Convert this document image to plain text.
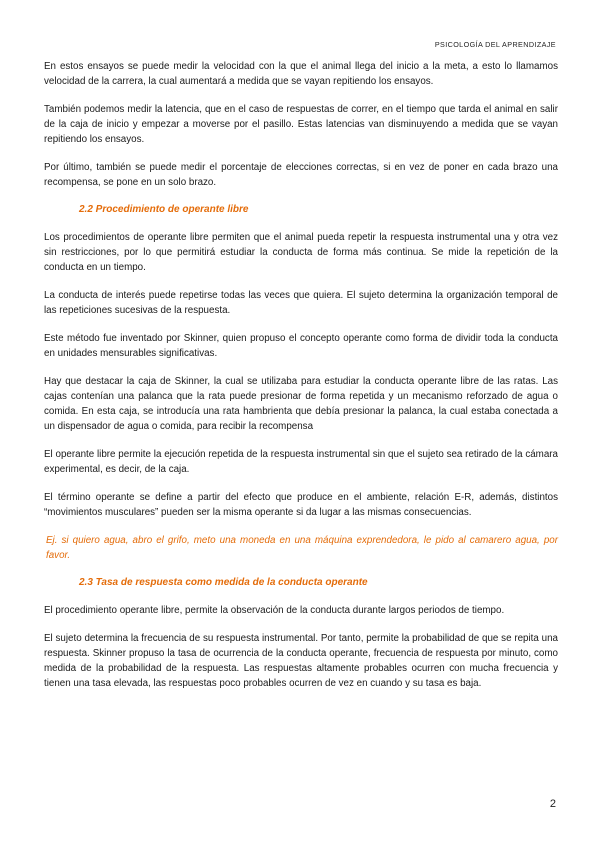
PSICOLOGÍA DEL APRENDIZAJE

En estos ensayos se puede medir la velocidad con la que el animal llega del inicio a la meta, a esto lo llamamos velocidad de la carrera, la cual aumentará a medida que se vayan repitiendo los ensayos.

También podemos medir la latencia, que en el caso de respuestas de correr, en el tiempo que tarda el animal en salir de la caja de inicio y empezar a moverse por el pasillo. Estas latencias van disminuyendo a medida que se vayan repitiendo los ensayos.

Por último, también se puede medir el porcentaje de elecciones correctas, si en vez de poner en cada brazo una recompensa, se pone en un solo brazo.

2.2 Procedimiento de operante libre

Los procedimientos de operante libre permiten que el animal pueda repetir la respuesta instrumental una y otra vez sin restricciones, por lo que permitirá estudiar la conducta de forma más continua. Se mide la repetición de la conducta en un tiempo.

La conducta de interés puede repetirse todas las veces que quiera. El sujeto determina la organización temporal de las repeticiones sucesivas de la respuesta.

Este método fue inventado por Skinner, quien propuso el concepto operante como forma de dividir toda la conducta en unidades mensurables significativas.

Hay que destacar la caja de Skinner, la cual se utilizaba para estudiar la conducta operante libre de las ratas. Las cajas contenían una palanca que la rata puede presionar de forma repetida y un mecanismo reforzado de agua o comida. En esta caja, se introducía una rata hambrienta que debía presionar la palanca, la cual estaba conectada a un dispensador de agua o comida, para recibir la recompensa

El operante libre permite la ejecución repetida de la respuesta instrumental sin que el sujeto sea retirado de la cámara experimental, es decir, de la caja.

El término operante se define a partir del efecto que produce en el ambiente, relación E-R, además, distintos “movimientos musculares” pueden ser la misma operante si da lugar a las mismas consecuencias.

Ej. si quiero agua, abro el grifo, meto una moneda en una máquina exprendedora, le pido al camarero agua, por favor.

2.3 Tasa de respuesta como medida de la conducta operante

El procedimiento operante libre, permite la observación de la conducta durante largos periodos de tiempo.

El sujeto determina la frecuencia de su respuesta instrumental. Por tanto, permite la probabilidad de que se repita una respuesta. Skinner propuso la tasa de ocurrencia de la conducta operante, frecuencia de respuesta por minuto, como medida de la probabilidad de la respuesta. Las respuestas altamente probables ocurren con mucha frecuencia y tienen una tasa elevada, las respuestas poco probables ocurren de vez en cuando y su tasa es baja.

2
